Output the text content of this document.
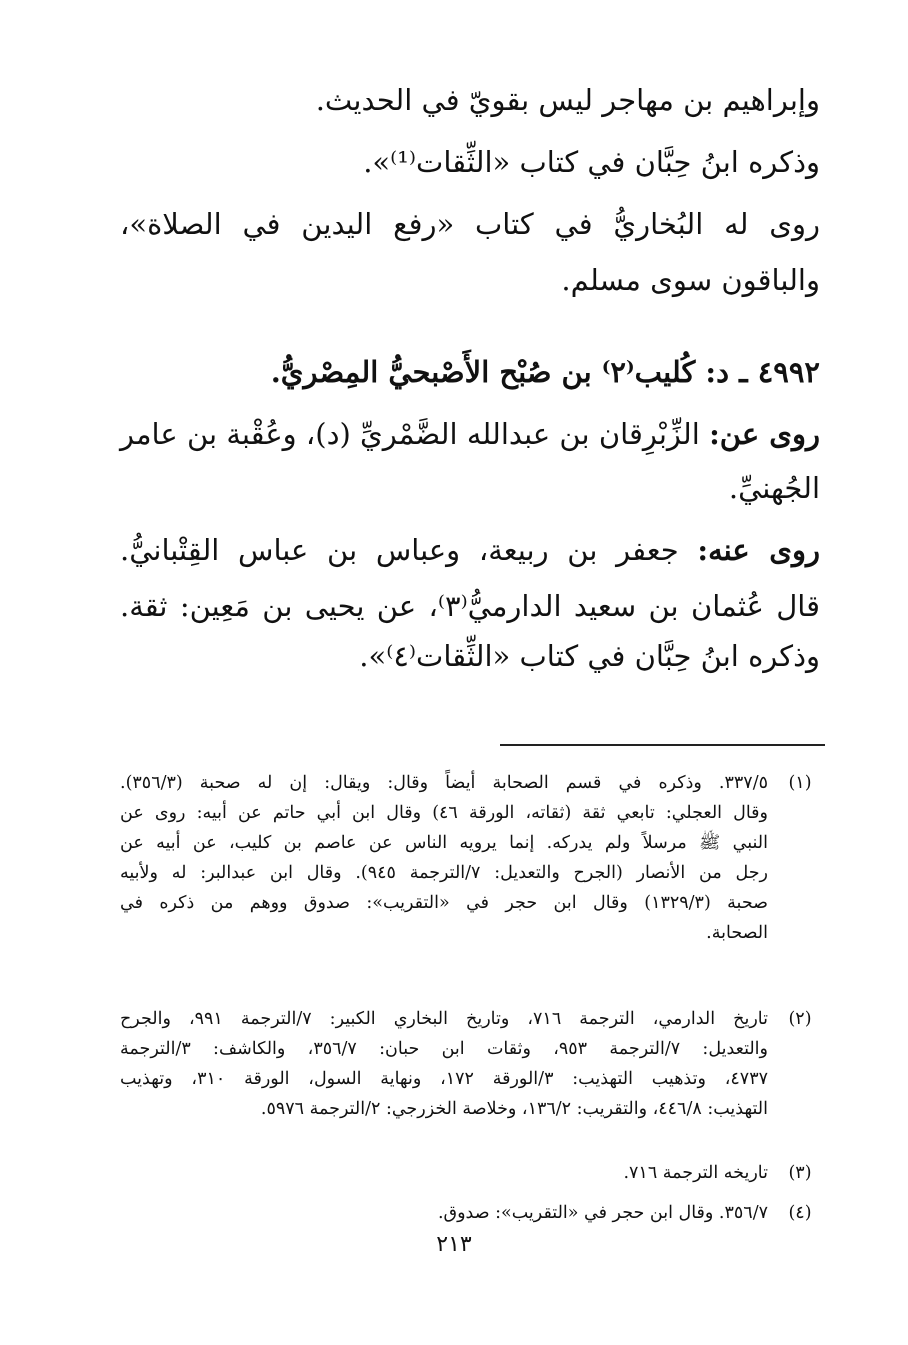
وإبراهيم بن مهاجر ليس بقويّ في الحديث.
وذكره ابنُ حِبَّان في كتاب «الثِّقات⁽¹⁾».
روى له البُخاريُّ في كتاب «رفع اليدين في الصلاة»،
والباقون سوى مسلم.
٤٩٩٢ ـ د: كُليب⁽٢⁾ بن صُبْح الأَصْبحيُّ المِصْريُّ.
روى عن: الزِّبْرِقان بن عبدالله الضَّمْريِّ (د)، وعُقْبة بن عامر
الجُهنيِّ.
روى عنه: جعفر بن ربيعة، وعباس بن عباس القِتْبانيُّ.
قال عُثمان بن سعيد الدارميُّ⁽٣⁾، عن يحيى بن مَعِين: ثقة.
وذكره ابنُ حِبَّان في كتاب «الثِّقات⁽٤⁾».
(١)
٣٣٧/٥. وذكره في قسم الصحابة أيضاً وقال: ويقال: إن له صحبة (٣٥٦/٣).
وقال العجلي: تابعي ثقة (ثقاته، الورقة ٤٦) وقال ابن أبي حاتم عن أبيه: روى عن
النبي ﷺ مرسلاً ولم يدركه. إنما يرويه الناس عن عاصم بن كليب، عن أبيه عن
رجل من الأنصار (الجرح والتعديل: ٧/الترجمة ٩٤٥). وقال ابن عبدالبر: له ولأبيه
صحبة (١٣٢٩/٣) وقال ابن حجر في «التقريب»: صدوق ووهم من ذكره في
الصحابة.
(٢)
تاريخ الدارمي، الترجمة ٧١٦، وتاريخ البخاري الكبير: ٧/الترجمة ٩٩١، والجرح
والتعديل: ٧/الترجمة ٩٥٣، وثقات ابن حبان: ٣٥٦/٧، والكاشف: ٣/الترجمة
٤٧٣٧، وتذهيب التهذيب: ٣/الورقة ١٧٢، ونهاية السول، الورقة ٣١٠، وتهذيب
التهذيب: ٤٤٦/٨، والتقريب: ١٣٦/٢، وخلاصة الخزرجي: ٢/الترجمة ٥٩٧٦.
(٣)
تاريخه الترجمة ٧١٦.
(٤)
٣٥٦/٧. وقال ابن حجر في «التقريب»: صدوق.
٢١٣
